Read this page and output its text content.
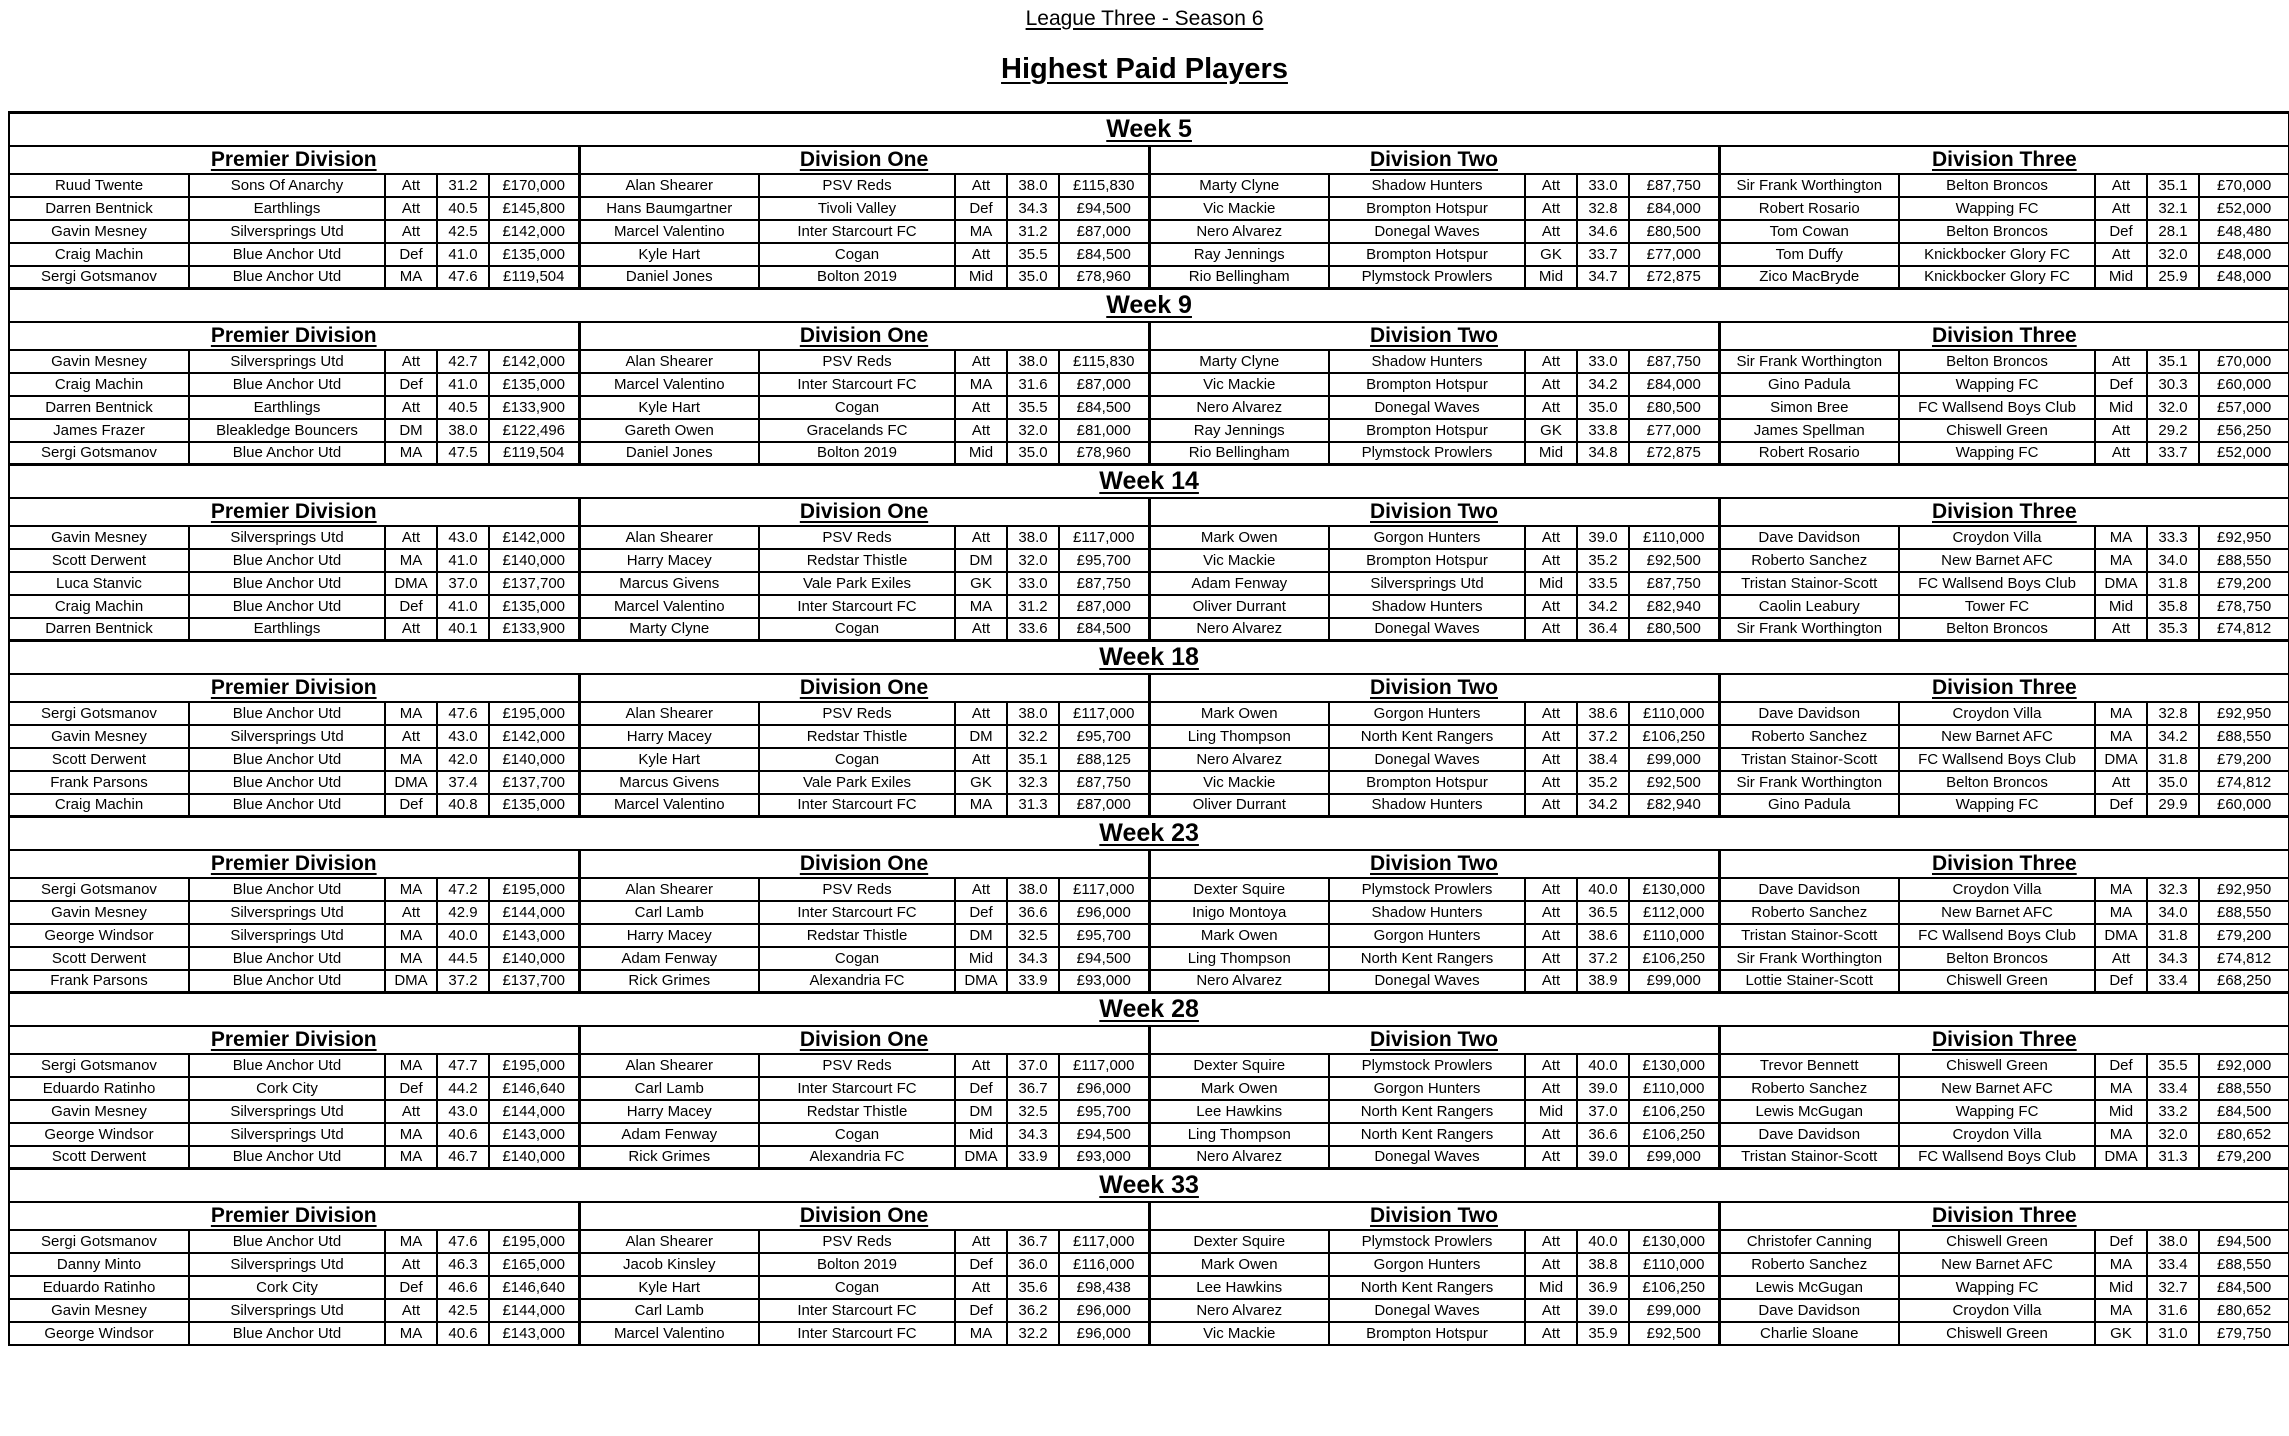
League Three - Season 6
Highest Paid Players
Week 5																			
Premier Division					Division One					Division Two					Division Three				
Ruud Twente	Sons Of Anarchy	Att	31.2	£170,000	Alan Shearer	PSV Reds	Att	38.0	£115,830	Marty Clyne	Shadow Hunters	Att	33.0	£87,750	Sir Frank Worthington	Belton Broncos	Att	35.1	£70,000
Darren Bentnick	Earthlings	Att	40.5	£145,800	Hans Baumgartner	Tivoli Valley	Def	34.3	£94,500	Vic Mackie	Brompton Hotspur	Att	32.8	£84,000	Robert Rosario	Wapping FC	Att	32.1	£52,000
Gavin Mesney	Silversprings Utd	Att	42.5	£142,000	Marcel Valentino	Inter Starcourt FC	MA	31.2	£87,000	Nero Alvarez	Donegal Waves	Att	34.6	£80,500	Tom Cowan	Belton Broncos	Def	28.1	£48,480
Craig Machin	Blue Anchor Utd	Def	41.0	£135,000	Kyle Hart	Cogan	Att	35.5	£84,500	Ray Jennings	Brompton Hotspur	GK	33.7	£77,000	Tom Duffy	Knickbocker Glory FC	Att	32.0	£48,000
Sergi Gotsmanov	Blue Anchor Utd	MA	47.6	£119,504	Daniel Jones	Bolton 2019	Mid	35.0	£78,960	Rio Bellingham	Plymstock Prowlers	Mid	34.7	£72,875	Zico MacBryde	Knickbocker Glory FC	Mid	25.9	£48,000
Week 9																			
Premier Division					Division One					Division Two					Division Three				
Gavin Mesney	Silversprings Utd	Att	42.7	£142,000	Alan Shearer	PSV Reds	Att	38.0	£115,830	Marty Clyne	Shadow Hunters	Att	33.0	£87,750	Sir Frank Worthington	Belton Broncos	Att	35.1	£70,000
Craig Machin	Blue Anchor Utd	Def	41.0	£135,000	Marcel Valentino	Inter Starcourt FC	MA	31.6	£87,000	Vic Mackie	Brompton Hotspur	Att	34.2	£84,000	Gino Padula	Wapping FC	Def	30.3	£60,000
Darren Bentnick	Earthlings	Att	40.5	£133,900	Kyle Hart	Cogan	Att	35.5	£84,500	Nero Alvarez	Donegal Waves	Att	35.0	£80,500	Simon Bree	FC Wallsend Boys Club	Mid	32.0	£57,000
James Frazer	Bleakledge Bouncers	DM	38.0	£122,496	Gareth Owen	Gracelands FC	Att	32.0	£81,000	Ray Jennings	Brompton Hotspur	GK	33.8	£77,000	James Spellman	Chiswell Green	Att	29.2	£56,250
Sergi Gotsmanov	Blue Anchor Utd	MA	47.5	£119,504	Daniel Jones	Bolton 2019	Mid	35.0	£78,960	Rio Bellingham	Plymstock Prowlers	Mid	34.8	£72,875	Robert Rosario	Wapping FC	Att	33.7	£52,000
Week 14																			
Premier Division					Division One					Division Two					Division Three				
Gavin Mesney	Silversprings Utd	Att	43.0	£142,000	Alan Shearer	PSV Reds	Att	38.0	£117,000	Mark Owen	Gorgon Hunters	Att	39.0	£110,000	Dave Davidson	Croydon Villa	MA	33.3	£92,950
Scott Derwent	Blue Anchor Utd	MA	41.0	£140,000	Harry Macey	Redstar Thistle	DM	32.0	£95,700	Vic Mackie	Brompton Hotspur	Att	35.2	£92,500	Roberto Sanchez	New Barnet AFC	MA	34.0	£88,550
Luca Stanvic	Blue Anchor Utd	DMA	37.0	£137,700	Marcus Givens	Vale Park Exiles	GK	33.0	£87,750	Adam Fenway	Silversprings Utd	Mid	33.5	£87,750	Tristan Stainor-Scott	FC Wallsend Boys Club	DMA	31.8	£79,200
Craig Machin	Blue Anchor Utd	Def	41.0	£135,000	Marcel Valentino	Inter Starcourt FC	MA	31.2	£87,000	Oliver Durrant	Shadow Hunters	Att	34.2	£82,940	Caolin Leabury	Tower FC	Mid	35.8	£78,750
Darren Bentnick	Earthlings	Att	40.1	£133,900	Marty Clyne	Cogan	Att	33.6	£84,500	Nero Alvarez	Donegal Waves	Att	36.4	£80,500	Sir Frank Worthington	Belton Broncos	Att	35.3	£74,812
Week 18																			
Premier Division					Division One					Division Two					Division Three				
Sergi Gotsmanov	Blue Anchor Utd	MA	47.6	£195,000	Alan Shearer	PSV Reds	Att	38.0	£117,000	Mark Owen	Gorgon Hunters	Att	38.6	£110,000	Dave Davidson	Croydon Villa	MA	32.8	£92,950
Gavin Mesney	Silversprings Utd	Att	43.0	£142,000	Harry Macey	Redstar Thistle	DM	32.2	£95,700	Ling Thompson	North Kent Rangers	Att	37.2	£106,250	Roberto Sanchez	New Barnet AFC	MA	34.2	£88,550
Scott Derwent	Blue Anchor Utd	MA	42.0	£140,000	Kyle Hart	Cogan	Att	35.1	£88,125	Nero Alvarez	Donegal Waves	Att	38.4	£99,000	Tristan Stainor-Scott	FC Wallsend Boys Club	DMA	31.8	£79,200
Frank Parsons	Blue Anchor Utd	DMA	37.4	£137,700	Marcus Givens	Vale Park Exiles	GK	32.3	£87,750	Vic Mackie	Brompton Hotspur	Att	35.2	£92,500	Sir Frank Worthington	Belton Broncos	Att	35.0	£74,812
Craig Machin	Blue Anchor Utd	Def	40.8	£135,000	Marcel Valentino	Inter Starcourt FC	MA	31.3	£87,000	Oliver Durrant	Shadow Hunters	Att	34.2	£82,940	Gino Padula	Wapping FC	Def	29.9	£60,000
Week 23																			
Premier Division					Division One					Division Two					Division Three				
Sergi Gotsmanov	Blue Anchor Utd	MA	47.2	£195,000	Alan Shearer	PSV Reds	Att	38.0	£117,000	Dexter Squire	Plymstock Prowlers	Att	40.0	£130,000	Dave Davidson	Croydon Villa	MA	32.3	£92,950
Gavin Mesney	Silversprings Utd	Att	42.9	£144,000	Carl Lamb	Inter Starcourt FC	Def	36.6	£96,000	Inigo Montoya	Shadow Hunters	Att	36.5	£112,000	Roberto Sanchez	New Barnet AFC	MA	34.0	£88,550
George Windsor	Silversprings Utd	MA	40.0	£143,000	Harry Macey	Redstar Thistle	DM	32.5	£95,700	Mark Owen	Gorgon Hunters	Att	38.6	£110,000	Tristan Stainor-Scott	FC Wallsend Boys Club	DMA	31.8	£79,200
Scott Derwent	Blue Anchor Utd	MA	44.5	£140,000	Adam Fenway	Cogan	Mid	34.3	£94,500	Ling Thompson	North Kent Rangers	Att	37.2	£106,250	Sir Frank Worthington	Belton Broncos	Att	34.3	£74,812
Frank Parsons	Blue Anchor Utd	DMA	37.2	£137,700	Rick Grimes	Alexandria FC	DMA	33.9	£93,000	Nero Alvarez	Donegal Waves	Att	38.9	£99,000	Lottie Stainer-Scott	Chiswell Green	Def	33.4	£68,250
Week 28																			
Premier Division					Division One					Division Two					Division Three				
Sergi Gotsmanov	Blue Anchor Utd	MA	47.7	£195,000	Alan Shearer	PSV Reds	Att	37.0	£117,000	Dexter Squire	Plymstock Prowlers	Att	40.0	£130,000	Trevor Bennett	Chiswell Green	Def	35.5	£92,000
Eduardo Ratinho	Cork City	Def	44.2	£146,640	Carl Lamb	Inter Starcourt FC	Def	36.7	£96,000	Mark Owen	Gorgon Hunters	Att	39.0	£110,000	Roberto Sanchez	New Barnet AFC	MA	33.4	£88,550
Gavin Mesney	Silversprings Utd	Att	43.0	£144,000	Harry Macey	Redstar Thistle	DM	32.5	£95,700	Lee Hawkins	North Kent Rangers	Mid	37.0	£106,250	Lewis McGugan	Wapping FC	Mid	33.2	£84,500
George Windsor	Silversprings Utd	MA	40.6	£143,000	Adam Fenway	Cogan	Mid	34.3	£94,500	Ling Thompson	North Kent Rangers	Att	36.6	£106,250	Dave Davidson	Croydon Villa	MA	32.0	£80,652
Scott Derwent	Blue Anchor Utd	MA	46.7	£140,000	Rick Grimes	Alexandria FC	DMA	33.9	£93,000	Nero Alvarez	Donegal Waves	Att	39.0	£99,000	Tristan Stainor-Scott	FC Wallsend Boys Club	DMA	31.3	£79,200
Week 33																			
Premier Division					Division One					Division Two					Division Three				
Sergi Gotsmanov	Blue Anchor Utd	MA	47.6	£195,000	Alan Shearer	PSV Reds	Att	36.7	£117,000	Dexter Squire	Plymstock Prowlers	Att	40.0	£130,000	Christofer Canning	Chiswell Green	Def	38.0	£94,500
Danny Minto	Silversprings Utd	Att	46.3	£165,000	Jacob Kinsley	Bolton 2019	Def	36.0	£116,000	Mark Owen	Gorgon Hunters	Att	38.8	£110,000	Roberto Sanchez	New Barnet AFC	MA	33.4	£88,550
Eduardo Ratinho	Cork City	Def	46.6	£146,640	Kyle Hart	Cogan	Att	35.6	£98,438	Lee Hawkins	North Kent Rangers	Mid	36.9	£106,250	Lewis McGugan	Wapping FC	Mid	32.7	£84,500
Gavin Mesney	Silversprings Utd	Att	42.5	£144,000	Carl Lamb	Inter Starcourt FC	Def	36.2	£96,000	Nero Alvarez	Donegal Waves	Att	39.0	£99,000	Dave Davidson	Croydon Villa	MA	31.6	£80,652
George Windsor	Blue Anchor Utd	MA	40.6	£143,000	Marcel Valentino	Inter Starcourt FC	MA	32.2	£96,000	Vic Mackie	Brompton Hotspur	Att	35.9	£92,500	Charlie Sloane	Chiswell Green	GK	31.0	£79,750
